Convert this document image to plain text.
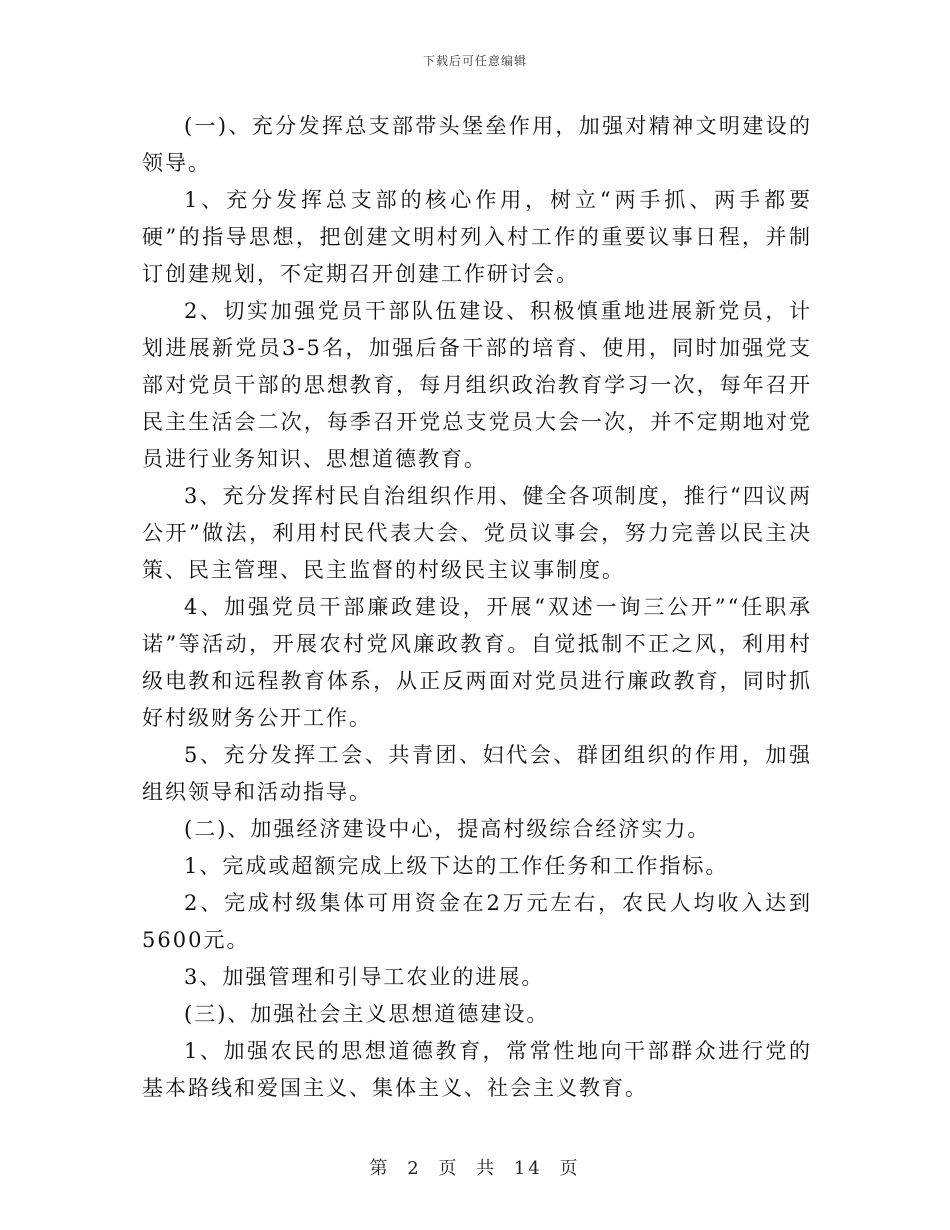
下载后可任意编辑

(一)、充分发挥总支部带头堡垒作用，加强对精神文明建设的领导。

1、充分发挥总支部的核心作用，树立“两手抓、两手都要硬”的指导思想，把创建文明村列入村工作的重要议事日程，并制订创建规划，不定期召开创建工作研讨会。

2、切实加强党员干部队伍建设、积极慎重地进展新党员，计划进展新党员3-5名，加强后备干部的培育、使用，同时加强党支部对党员干部的思想教育，每月组织政治教育学习一次，每年召开民主生活会二次，每季召开党总支党员大会一次，并不定期地对党员进行业务知识、思想道德教育。

3、充分发挥村民自治组织作用、健全各项制度，推行“四议两公开”做法，利用村民代表大会、党员议事会，努力完善以民主决策、民主管理、民主监督的村级民主议事制度。

4、加强党员干部廉政建设，开展“双述一询三公开”“任职承诺”等活动，开展农村党风廉政教育。自觉抵制不正之风，利用村级电教和远程教育体系，从正反两面对党员进行廉政教育，同时抓好村级财务公开工作。

5、充分发挥工会、共青团、妇代会、群团组织的作用，加强组织领导和活动指导。

(二)、加强经济建设中心，提高村级综合经济实力。

1、完成或超额完成上级下达的工作任务和工作指标。

2、完成村级集体可用资金在2万元左右，农民人均收入达到5600元。

3、加强管理和引导工农业的进展。

(三)、加强社会主义思想道德建设。

1、加强农民的思想道德教育，常常性地向干部群众进行党的基本路线和爱国主义、集体主义、社会主义教育。

第 2 页 共 14 页
